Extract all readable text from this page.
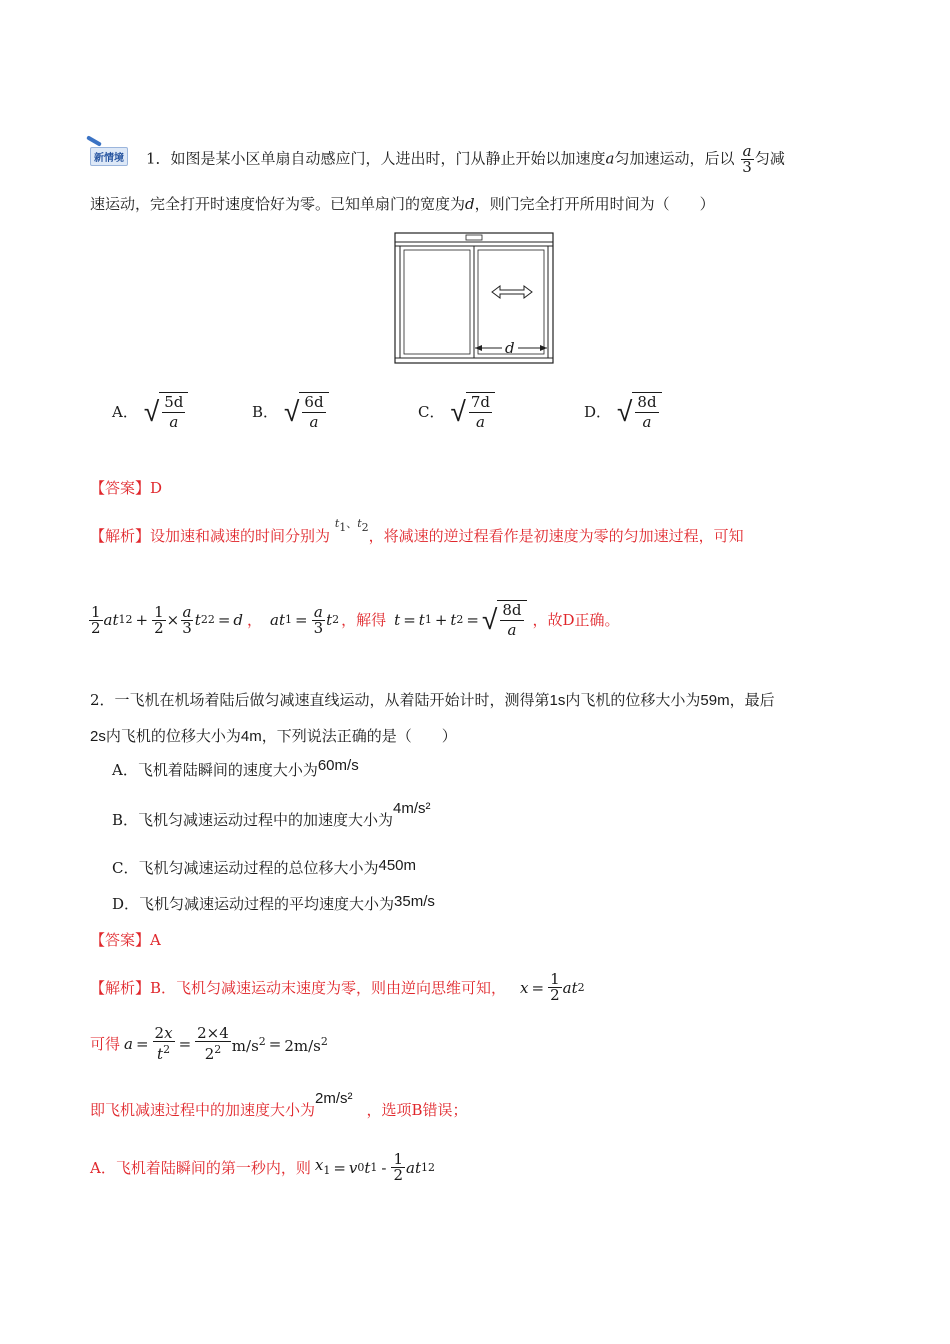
新情境 1．如图是某小区单扇自动感应门，人进出时，门从静止开始以加速度a匀加速运动，后以 $\frac{a}{3}$ 匀减
速运动，完全打开时速度恰好为零。已知单扇门的宽度为d，则门完全打开所用时间为（　　）
d
A． √ 5d
a
B． √ 6d
a
C． √ 7d
a
D． √ 8d
a
【答案】D
【解析】设加速和减速的时间分别为 $t_1$、$t_2$，将减速的逆过程看作是初速度为零的匀加速过程，可知
$\frac{1}{2}$ at 1 $2 + \frac{1}{2} \times \frac{a}{3}$ t 2 2 = d ， at $1 = \frac{a}{3}$ t 2 ，解得 t = t 1 + t 2 = √ 8d
a
，故D正确。
2．一飞机在机场着陆后做匀减速直线运动，从着陆开始计时，测得第1s内飞机的位移大小为59m，最后
2s内飞机的位移大小为4m，下列说法正确的是（　　）
A．飞机着陆瞬间的速度大小为60m/s
B．飞机匀减速运动过程中的加速度大小为4m/s²
C．飞机匀减速运动过程的总位移大小为450m
D．飞机匀减速运动过程的平均速度大小为35m/s
【答案】A
【解析】 B．飞机匀减速运动末速度为零，则由逆向思维可知， $x = \frac{1}{2}$ at 2
可得 $a = \frac{2x}{t^2} = \frac{2\times 4}{2^2} m/s^2 = 2m/s^2$
即飞机减速过程中的加速度大小为2m/s²，选项B错误；
A．飞机着陆瞬间的第一秒内，则 $x_1 = v$ 0 t $1 - \frac{1}{2}$ at 1 2
